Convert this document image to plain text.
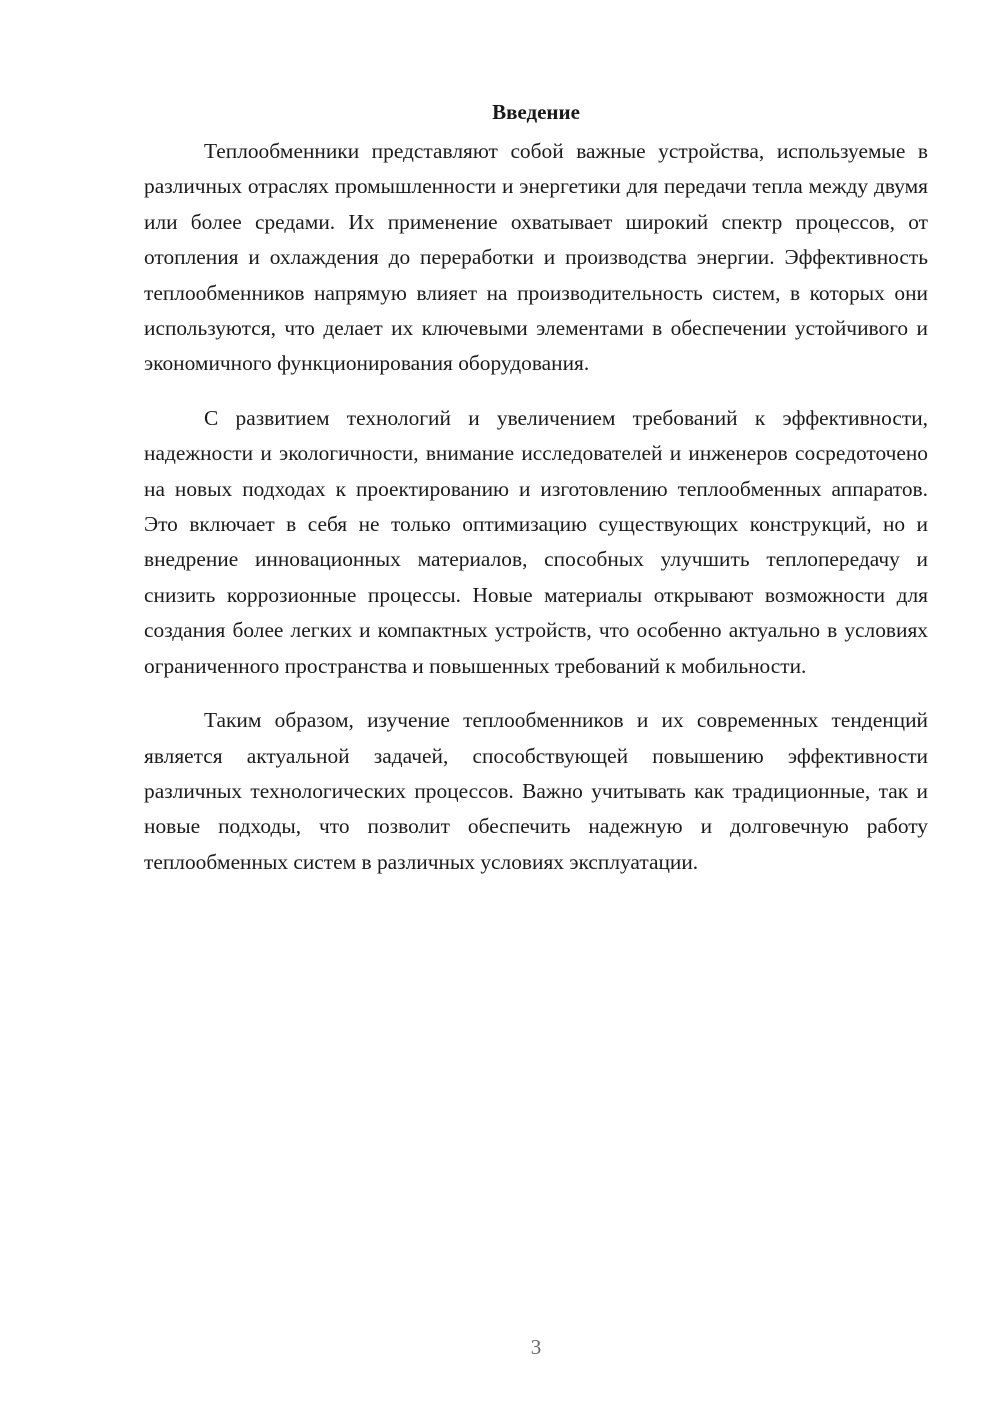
Введение

Теплообменники представляют собой важные устройства, используемые в различных отраслях промышленности и энергетики для передачи тепла между двумя или более средами. Их применение охватывает широкий спектр процессов, от отопления и охлаждения до переработки и производства энергии. Эффективность теплообменников напрямую влияет на производительность систем, в которых они используются, что делает их ключевыми элементами в обеспечении устойчивого и экономичного функционирования оборудования.

С развитием технологий и увеличением требований к эффективности, надежности и экологичности, внимание исследователей и инженеров сосредоточено на новых подходах к проектированию и изготовлению теплообменных аппаратов. Это включает в себя не только оптимизацию существующих конструкций, но и внедрение инновационных материалов, способных улучшить теплопередачу и снизить коррозионные процессы. Новые материалы открывают возможности для создания более легких и компактных устройств, что особенно актуально в условиях ограниченного пространства и повышенных требований к мобильности.

Таким образом, изучение теплообменников и их современных тенденций является актуальной задачей, способствующей повышению эффективности различных технологических процессов. Важно учитывать как традиционные, так и новые подходы, что позволит обеспечить надежную и долговечную работу теплообменных систем в различных условиях эксплуатации.

3
